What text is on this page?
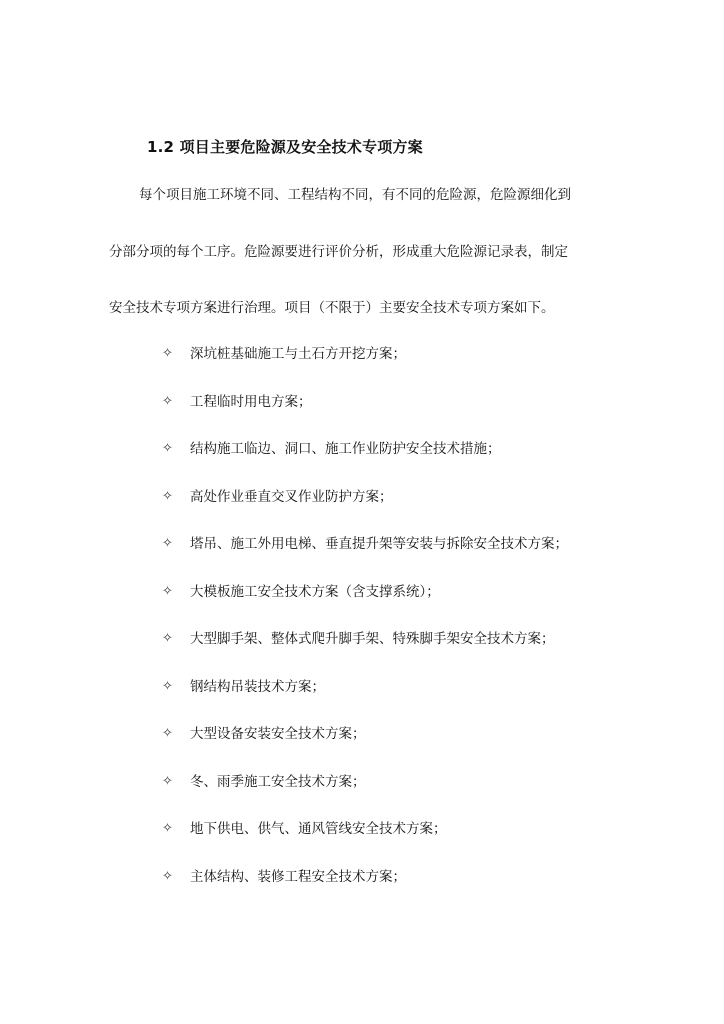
1.2 项目主要危险源及安全技术专项方案
每个项目施工环境不同、工程结构不同，有不同的危险源，危险源细化到
分部分项的每个工序。危险源要进行评价分析，形成重大危险源记录表，制定
安全技术专项方案进行治理。项目（不限于）主要安全技术专项方案如下。
✧	深坑桩基础施工与土石方开挖方案；
✧	工程临时用电方案；
✧	结构施工临边、洞口、施工作业防护安全技术措施；
✧	高处作业垂直交叉作业防护方案；
✧	塔吊、施工外用电梯、垂直提升架等安装与拆除安全技术方案；
✧	大模板施工安全技术方案（含支撑系统）；
✧	大型脚手架、整体式爬升脚手架、特殊脚手架安全技术方案；
✧	钢结构吊装技术方案；
✧	大型设备安装安全技术方案；
✧	冬、雨季施工安全技术方案；
✧	地下供电、供气、通风管线安全技术方案；
✧	主体结构、装修工程安全技术方案；
